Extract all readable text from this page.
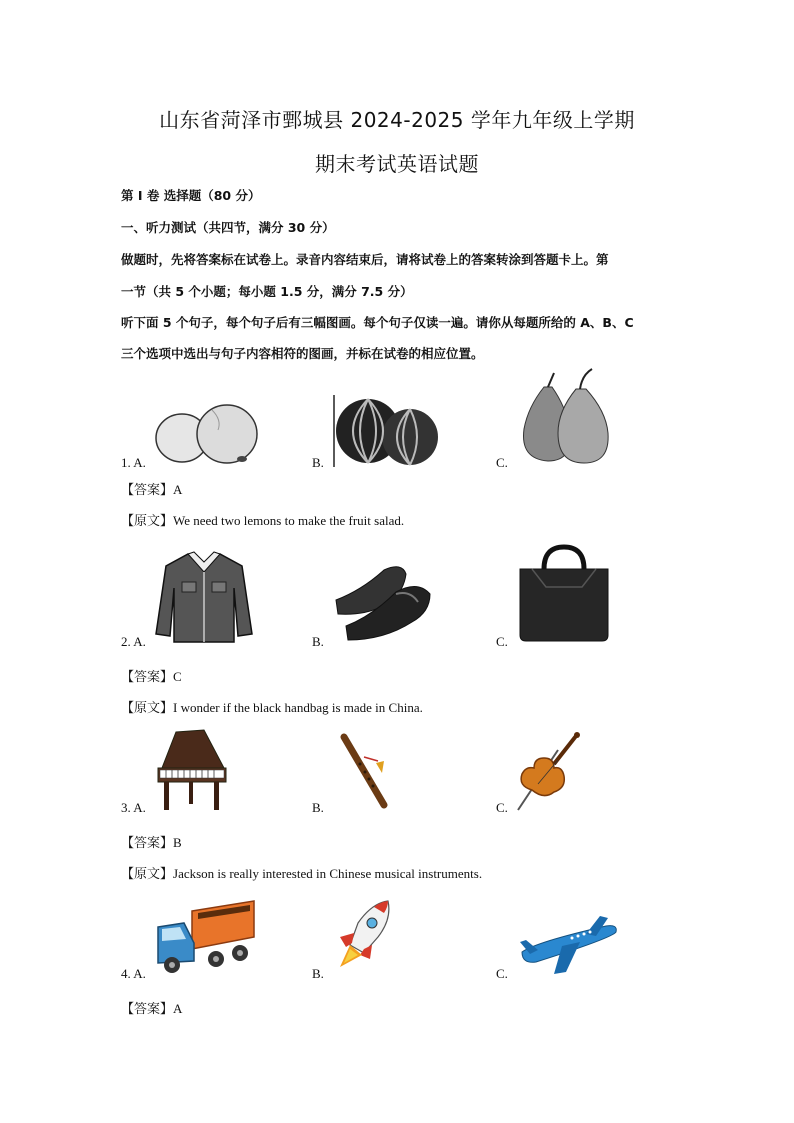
山东省菏泽市鄄城县 2024-2025 学年九年级上学期
期末考试英语试题
第 I 卷 选择题（80 分）
一、听力测试（共四节，满分 30 分）
做题时，先将答案标在试卷上。录音内容结束后，请将试卷上的答案转涂到答题卡上。第
一节（共 5 个小题；每小题 1.5 分，满分 7.5 分）
听下面 5 个句子，每个句子后有三幅图画。每个句子仅读一遍。请你从每题所给的 A、B、C
三个选项中选出与句子内容相符的图画，并标在试卷的相应位置。
1. A.	B.	C.
【答案】A
【原文】We need two lemons to make the fruit salad.
2. A.	B.	C.
【答案】C
【原文】I wonder if the black handbag is made in China.
3. A.	B.	C.
【答案】B
【原文】Jackson is really interested in Chinese musical instruments.
4. A.	B.	C.
【答案】A
